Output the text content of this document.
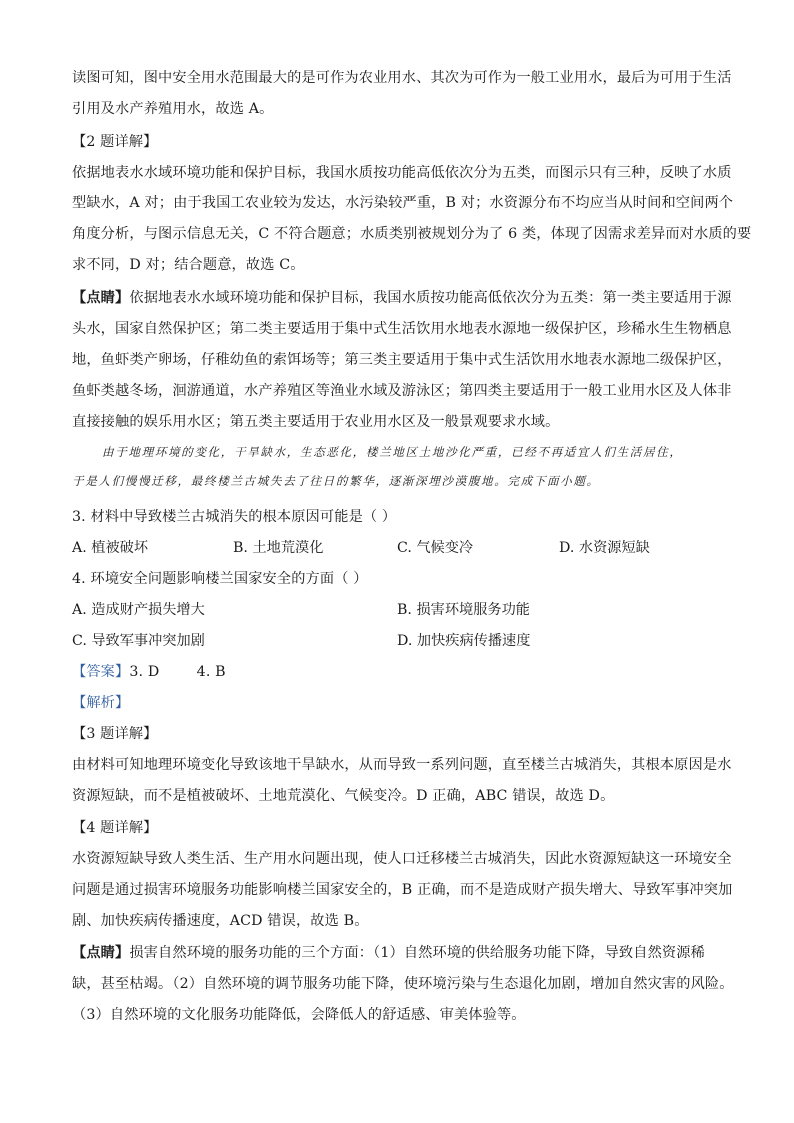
读图可知，图中安全用水范围最大的是可作为农业用水、其次为可作为一般工业用水，最后为可用于生活
引用及水产养殖用水，故选 A。
【2 题详解】
依据地表水水域环境功能和保护目标，我国水质按功能高低依次分为五类，而图示只有三种，反映了水质
型缺水，A 对；由于我国工农业较为发达，水污染较严重，B 对；水资源分布不均应当从时间和空间两个
角度分析，与图示信息无关，C 不符合题意；水质类别被规划分为了 6 类，体现了因需求差异而对水质的要
求不同，D 对；结合题意，故选 C。
【点睛】依据地表水水域环境功能和保护目标，我国水质按功能高低依次分为五类：第一类主要适用于源
头水，国家自然保护区；第二类主要适用于集中式生活饮用水地表水源地一级保护区，珍稀水生生物栖息
地，鱼虾类产卵场，仔稚幼鱼的索饵场等；第三类主要适用于集中式生活饮用水地表水源地二级保护区，
鱼虾类越冬场，洄游通道，水产养殖区等渔业水域及游泳区；第四类主要适用于一般工业用水区及人体非
直接接触的娱乐用水区；第五类主要适用于农业用水区及一般景观要求水域。
由于地理环境的变化，干旱缺水，生态恶化，楼兰地区土地沙化严重，已经不再适宜人们生活居住，
于是人们慢慢迁移，最终楼兰古城失去了往日的繁华，逐渐深埋沙漠腹地。完成下面小题。
3. 材料中导致楼兰古城消失的根本原因可能是（ ）
A. 植被破坏	B. 土地荒漠化	C. 气候变冷	D. 水资源短缺
4. 环境安全问题影响楼兰国家安全的方面（ ）
A. 造成财产损失增大	B. 损害环境服务功能
C. 导致军事冲突加剧	D. 加快疾病传播速度
【答案】3. D        4. B
【解析】
【3 题详解】
由材料可知地理环境变化导致该地干旱缺水，从而导致一系列问题，直至楼兰古城消失，其根本原因是水
资源短缺，而不是植被破坏、土地荒漠化、气候变冷。D 正确，ABC 错误，故选 D。
【4 题详解】
水资源短缺导致人类生活、生产用水问题出现，使人口迁移楼兰古城消失，因此水资源短缺这一环境安全
问题是通过损害环境服务功能影响楼兰国家安全的，B 正确，而不是造成财产损失增大、导致军事冲突加
剧、加快疾病传播速度，ACD 错误，故选 B。
【点睛】损害自然环境的服务功能的三个方面：（1）自然环境的供给服务功能下降，导致自然资源稀
缺，甚至枯竭。（2）自然环境的调节服务功能下降，使环境污染与生态退化加剧，增加自然灾害的风险。
（3）自然环境的文化服务功能降低，会降低人的舒适感、审美体验等。
